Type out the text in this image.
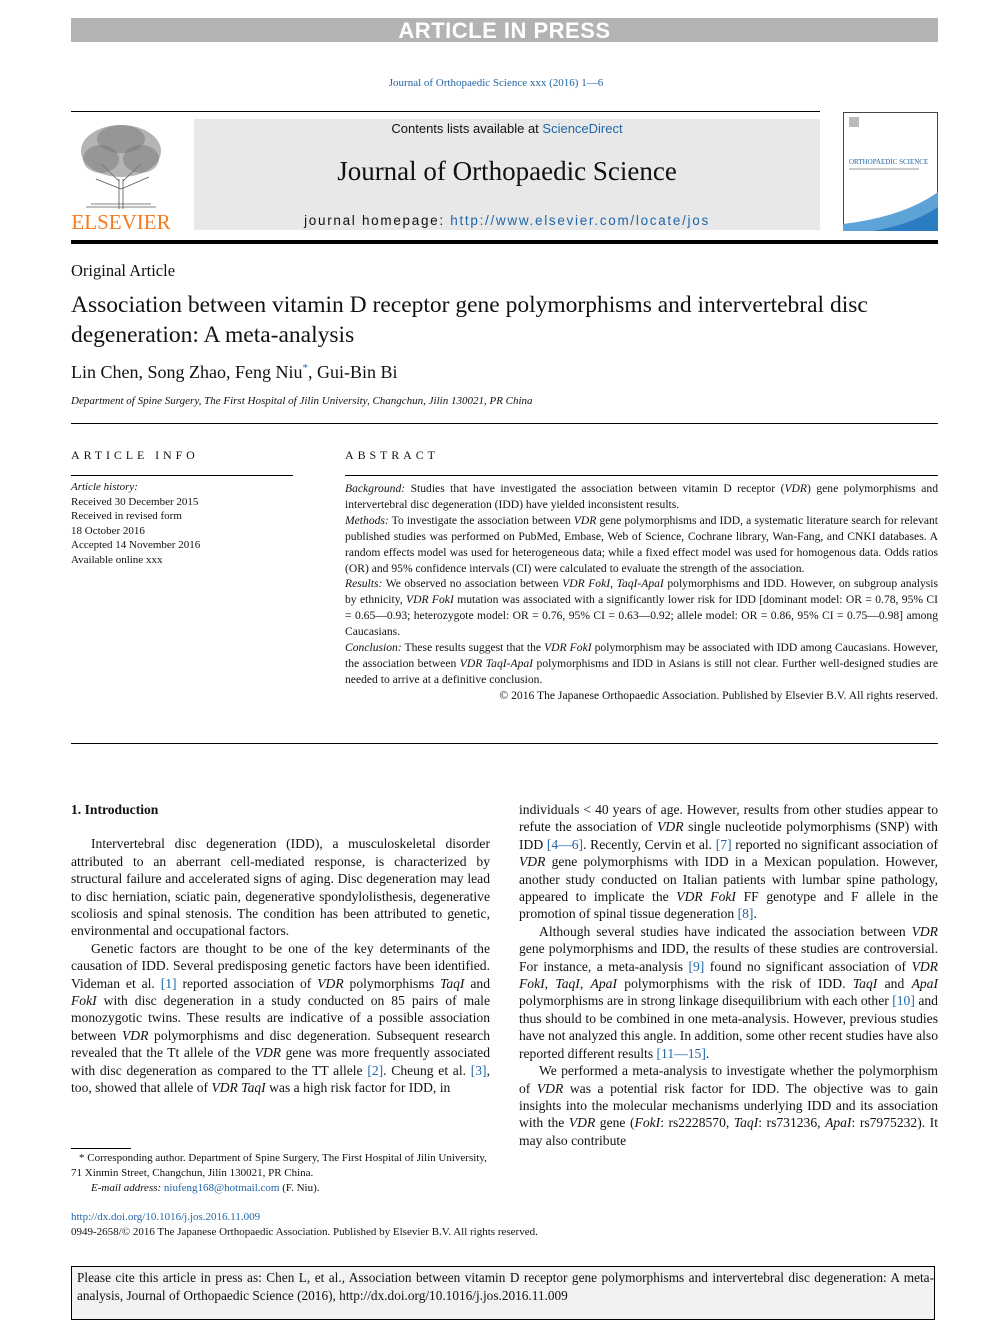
ARTICLE IN PRESS
Journal of Orthopaedic Science xxx (2016) 1—6
ELSEVIER
Contents lists available at ScienceDirect
Journal of Orthopaedic Science
journal homepage: http://www.elsevier.com/locate/jos
ORTHOPAEDIC SCIENCE
Original Article
Association between vitamin D receptor gene polymorphisms and intervertebral disc degeneration: A meta-analysis
Lin Chen, Song Zhao, Feng Niu*, Gui-Bin Bi
Department of Spine Surgery, The First Hospital of Jilin University, Changchun, Jilin 130021, PR China
ARTICLE INFO
Article history:
Received 30 December 2015
Received in revised form
18 October 2016
Accepted 14 November 2016
Available online xxx
ABSTRACT

Background: Studies that have investigated the association between vitamin D receptor (VDR) gene polymorphisms and intervertebral disc degeneration (IDD) have yielded inconsistent results.

Methods: To investigate the association between VDR gene polymorphisms and IDD, a systematic literature search for relevant published studies was performed on PubMed, Embase, Web of Science, Cochrane library, Wan-Fang, and CNKI databases. A random effects model was used for heterogeneous data; while a fixed effect model was used for homogenous data. Odds ratios (OR) and 95% confidence intervals (CI) were calculated to evaluate the strength of the association.

Results: We observed no association between VDR FokI, TaqI-ApaI polymorphisms and IDD. However, on subgroup analysis by ethnicity, VDR FokI mutation was associated with a significantly lower risk for IDD [dominant model: OR = 0.78, 95% CI = 0.65—0.93; heterozygote model: OR = 0.76, 95% CI = 0.63—0.92; allele model: OR = 0.86, 95% CI = 0.75—0.98] among Caucasians.

Conclusion: These results suggest that the VDR FokI polymorphism may be associated with IDD among Caucasians. However, the association between VDR TaqI-ApaI polymorphisms and IDD in Asians is still not clear. Further well-designed studies are needed to arrive at a definitive conclusion.

© 2016 The Japanese Orthopaedic Association. Published by Elsevier B.V. All rights reserved.

1. Introduction

Intervertebral disc degeneration (IDD), a musculoskeletal disorder attributed to an aberrant cell-mediated response, is characterized by structural failure and accelerated signs of aging. Disc degeneration may lead to disc herniation, sciatic pain, degenerative spondylolisthesis, degenerative scoliosis and spinal stenosis. The condition has been attributed to genetic, environmental and occupational factors.

Genetic factors are thought to be one of the key determinants of the causation of IDD. Several predisposing genetic factors have been identified. Videman et al. [1] reported association of VDR polymorphisms TaqI and FokI with disc degeneration in a study conducted on 85 pairs of male monozygotic twins. These results are indicative of a possible association between VDR polymorphisms and disc degeneration. Subsequent research revealed that the Tt allele of the VDR gene was more frequently associated with disc degeneration as compared to the TT allele [2]. Cheung et al. [3], too, showed that allele of VDR TaqI was a high risk factor for IDD, in

individuals < 40 years of age. However, results from other studies appear to refute the association of VDR single nucleotide polymorphisms (SNP) with IDD [4—6]. Recently, Cervin et al. [7] reported no significant association of VDR gene polymorphisms with IDD in a Mexican population. However, another study conducted on Italian patients with lumbar spine pathology, appeared to implicate the VDR FokI FF genotype and F allele in the promotion of spinal tissue degeneration [8].

Although several studies have indicated the association between VDR gene polymorphisms and IDD, the results of these studies are controversial. For instance, a meta-analysis [9] found no significant association of VDR FokI, TaqI, ApaI polymorphisms with the risk of IDD. TaqI and ApaI polymorphisms are in strong linkage disequilibrium with each other [10] and thus should to be combined in one meta-analysis. However, previous studies have not analyzed this angle. In addition, some other recent studies have also reported different results [11—15].

We performed a meta-analysis to investigate whether the polymorphism of VDR was a potential risk factor for IDD. The objective was to gain insights into the molecular mechanisms underlying IDD and its association with the VDR gene (FokI: rs2228570, TaqI: rs731236, ApaI: rs7975232). It may also contribute

* Corresponding author. Department of Spine Surgery, The First Hospital of Jilin University, 71 Xinmin Street, Changchun, Jilin 130021, PR China.

E-mail address: niufeng168@hotmail.com (F. Niu).

http://dx.doi.org/10.1016/j.jos.2016.11.009
0949-2658/© 2016 The Japanese Orthopaedic Association. Published by Elsevier B.V. All rights reserved.
Please cite this article in press as: Chen L, et al., Association between vitamin D receptor gene polymorphisms and intervertebral disc degeneration: A meta-analysis, Journal of Orthopaedic Science (2016), http://dx.doi.org/10.1016/j.jos.2016.11.009
